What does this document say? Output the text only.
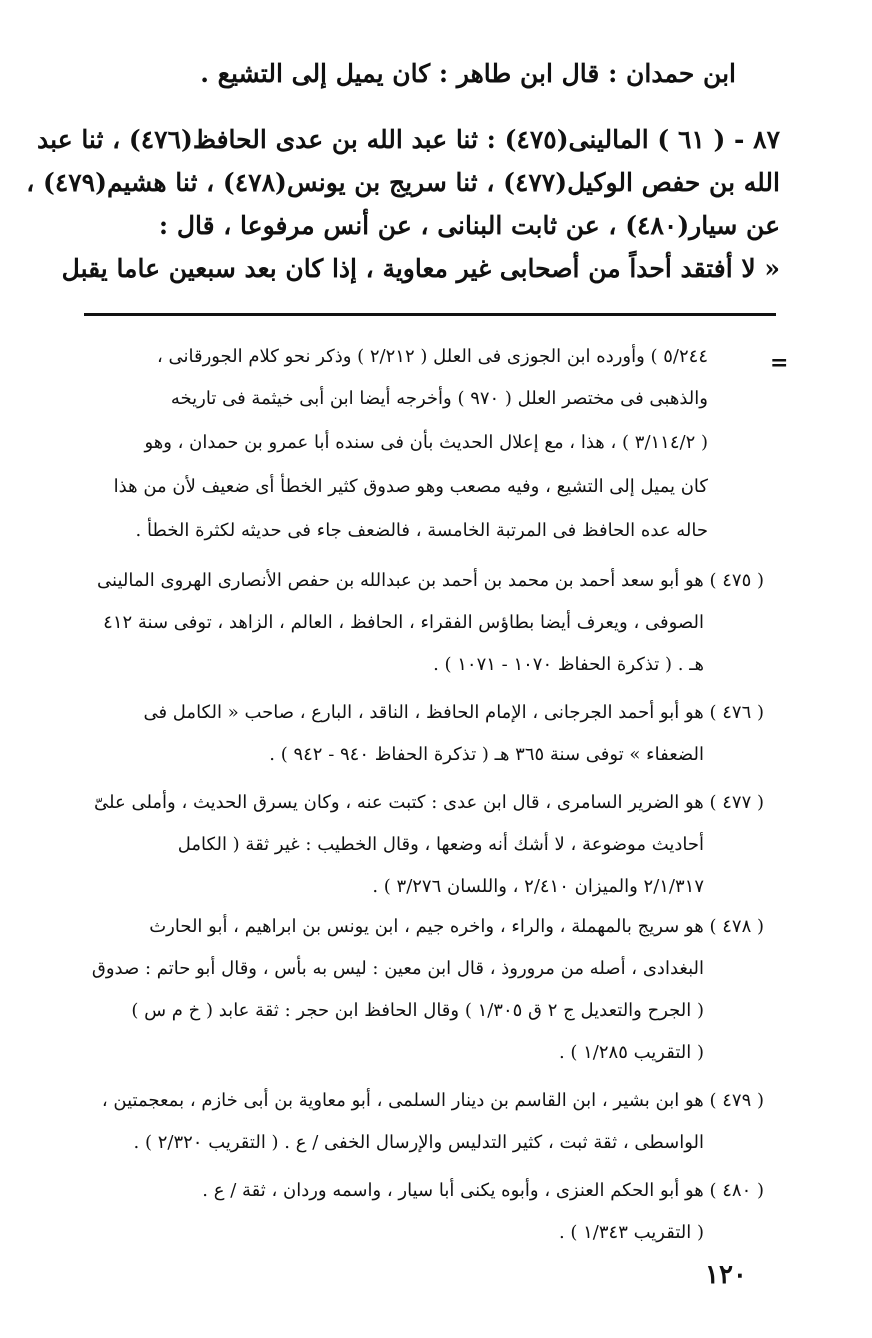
ابن حمدان : قال ابن طاهر : كان يميل إلى التشيع .
٨٧ - ( ٦١ ) المالينى(٤٧٥) : ثنا عبد الله بن عدى الحافظ(٤٧٦) ، ثنا عبد
الله بن حفص الوكيل(٤٧٧) ، ثنا سريج بن يونس(٤٧٨) ، ثنا هشيم(٤٧٩) ،
عن سيار(٤٨٠) ، عن ثابت البنانى ، عن أنس مرفوعا ، قال :
« لا أفتقد أحداً من أصحابى غير معاوية ، إذا كان بعد سبعين عاما يقبل
=
٥/٢٤٤ ) وأورده ابن الجوزى فى العلل ( ٢/٢١٢ ) وذكر نحو كلام الجورقانى ،
والذهبى فى مختصر العلل ( ٩٧٠ ) وأخرجه أيضا ابن أبى خيثمة فى تاريخه
( ٣/١١٤/٢ ) ، هذا ، مع إعلال الحديث بأن فى سنده أبا عمرو بن حمدان ، وهو
كان يميل إلى التشيع ، وفيه مصعب وهو صدوق كثير الخطأ أى ضعيف لأن من هذا
حاله عده الحافظ فى المرتبة الخامسة ، فالضعف جاء فى حديثه لكثرة الخطأ .
( ٤٧٥ ) هو أبو سعد أحمد بن محمد بن أحمد بن عبدالله بن حفص الأنصارى الهروى المالينى
الصوفى ، ويعرف أيضا بطاؤس الفقراء ، الحافظ ، العالم ، الزاهد ، توفى سنة ٤١٢
هـ . ( تذكرة الحفاظ ١٠٧٠ - ١٠٧١ ) .
( ٤٧٦ ) هو أبو أحمد الجرجانى ، الإمام الحافظ ، الناقد ، البارع ، صاحب « الكامل فى
الضعفاء » توفى سنة ٣٦٥ هـ ( تذكرة الحفاظ ٩٤٠ - ٩٤٢ ) .
( ٤٧٧ ) هو الضرير السامرى ، قال ابن عدى : كتبت عنه ، وكان يسرق الحديث ، وأملى علىّ
أحاديث موضوعة ، لا أشك أنه وضعها ، وقال الخطيب : غير ثقة ( الكامل
٢/١/٣١٧ والميزان ٢/٤١٠ ، واللسان ٣/٢٧٦ ) .
( ٤٧٨ ) هو سريج بالمهملة ، والراء ، واخره جيم ، ابن يونس بن ابراهيم ، أبو الحارث
البغدادى ، أصله من مروروذ ، قال ابن معين : ليس به بأس ، وقال أبو حاتم : صدوق
( الجرح والتعديل ج ٢ ق ١/٣٠٥ ) وقال الحافظ ابن حجر : ثقة عابد ( خ م س )
( التقريب ١/٢٨٥ ) .
( ٤٧٩ ) هو ابن بشير ، ابن القاسم بن دينار السلمى ، أبو معاوية بن أبى خازم ، بمعجمتين ،
الواسطى ، ثقة ثبت ، كثير التدليس والإرسال الخفى / ع . ( التقريب ٢/٣٢٠ ) .
( ٤٨٠ ) هو أبو الحكم العنزى ، وأبوه يكنى أبا سيار ، واسمه وردان ، ثقة / ع .
( التقريب ١/٣٤٣ ) .
١٢٠
